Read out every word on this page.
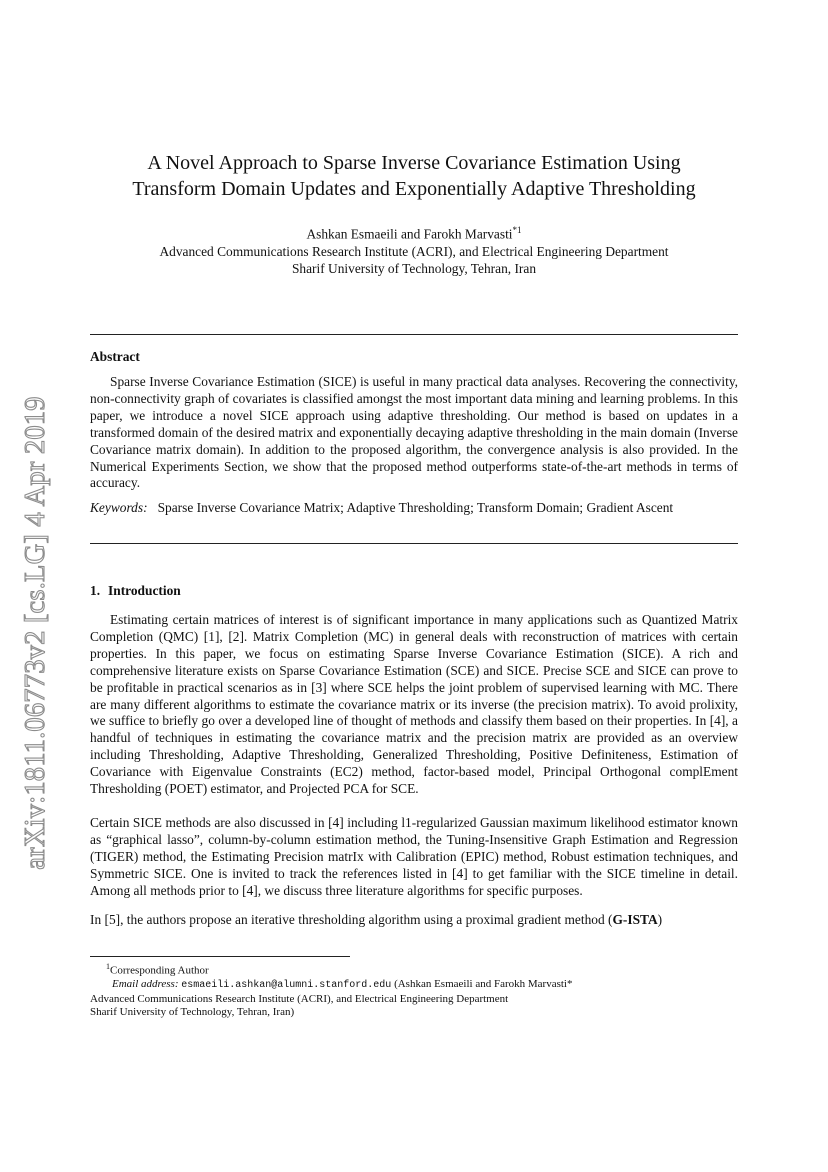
arXiv:1811.06773v2 [cs.LG] 4 Apr 2019
A Novel Approach to Sparse Inverse Covariance Estimation Using
Transform Domain Updates and Exponentially Adaptive Thresholding
Ashkan Esmaeili and Farokh Marvasti$^{*1}$
Advanced Communications Research Institute (ACRI), and Electrical Engineering Department
Sharif University of Technology, Tehran, Iran
Abstract

Sparse Inverse Covariance Estimation (SICE) is useful in many practical data analyses. Recovering the connectivity, non-connectivity graph of covariates is classified amongst the most important data mining and learning problems. In this paper, we introduce a novel SICE approach using adaptive thresholding. Our method is based on updates in a transformed domain of the desired matrix and exponentially decaying adaptive thresholding in the main domain (Inverse Covariance matrix domain). In addition to the proposed algorithm, the convergence analysis is also provided. In the Numerical Experiments Section, we show that the proposed method outperforms state-of-the-art methods in terms of accuracy.

Keywords: Sparse Inverse Covariance Matrix; Adaptive Thresholding; Transform Domain; Gradient Ascent

1. Introduction

Estimating certain matrices of interest is of significant importance in many applications such as Quantized Matrix Completion (QMC) [1], [2]. Matrix Completion (MC) in general deals with reconstruction of matrices with certain properties. In this paper, we focus on estimating Sparse Inverse Covariance Estimation (SICE). A rich and comprehensive literature exists on Sparse Covariance Estimation (SCE) and SICE. Precise SCE and SICE can prove to be profitable in practical scenarios as in [3] where SCE helps the joint problem of supervised learning with MC. There are many different algorithms to estimate the covariance matrix or its inverse (the precision matrix). To avoid prolixity, we suffice to briefly go over a developed line of thought of methods and classify them based on their properties. In [4], a handful of techniques in estimating the covariance matrix and the precision matrix are provided as an overview including Thresholding, Adaptive Thresholding, Generalized Thresholding, Positive Definiteness, Estimation of Covariance with Eigenvalue Constraints (EC2) method, factor-based model, Principal Orthogonal complEment Thresholding (POET) estimator, and Projected PCA for SCE.

Certain SICE methods are also discussed in [4] including l1-regularized Gaussian maximum likelihood estimator known as “graphical lasso”, column-by-column estimation method, the Tuning-Insensitive Graph Estimation and Regression (TIGER) method, the Estimating Precision matrIx with Calibration (EPIC) method, Robust estimation techniques, and Symmetric SICE. One is invited to track the references listed in [4] to get familiar with the SICE timeline in detail. Among all methods prior to [4], we discuss three literature algorithms for specific purposes.

In [5], the authors propose an iterative thresholding algorithm using a proximal gradient method (G-ISTA)

$^1$Corresponding Author
Email address: esmaeili.ashkan@alumni.stanford.edu (Ashkan Esmaeili and Farokh Marvasti*
Advanced Communications Research Institute (ACRI), and Electrical Engineering Department
Sharif University of Technology, Tehran, Iran)
